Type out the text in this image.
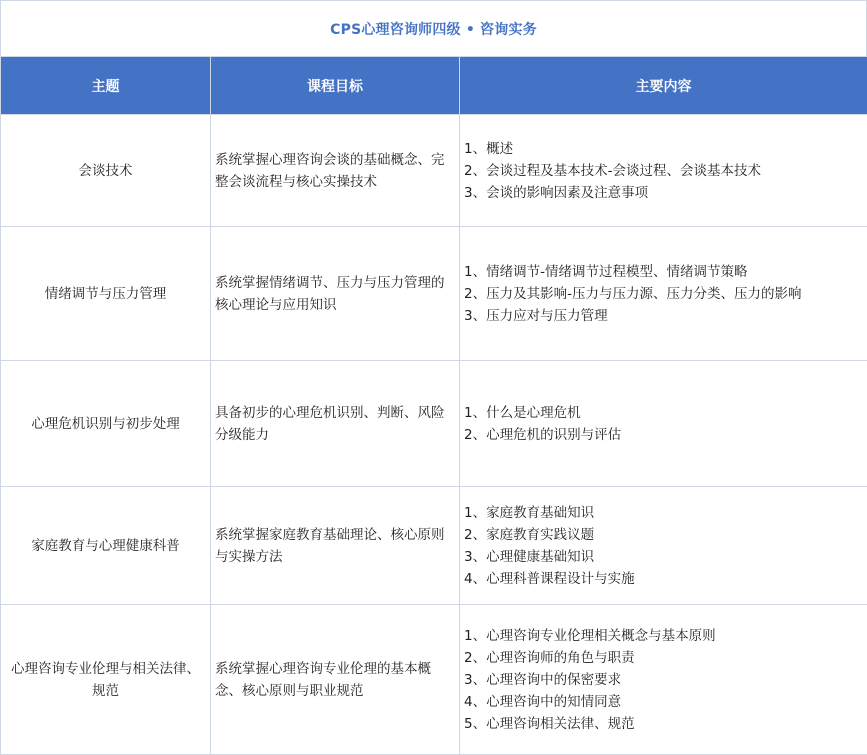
CPS心理咨询师四级 • 咨询实务
主题	课程目标	主要内容
会谈技术	系统掌握心理咨询会谈的基础概念、完整会谈流程与核心实操技术	1、概述
2、会谈过程及基本技术-会谈过程、会谈基本技术
3、会谈的影响因素及注意事项

情绪调节与压力管理	系统掌握情绪调节、压力与压力管理的核心理论与应用知识	1、情绪调节-情绪调节过程模型、情绪调节策略
2、压力及其影响-压力与压力源、压力分类、压力的影响
3、压力应对与压力管理

心理危机识别与初步处理	具备初步的心理危机识别、判断、风险分级能力	1、什么是心理危机
2、心理危机的识别与评估

家庭教育与心理健康科普	系统掌握家庭教育基础理论、核心原则与实操方法	1、家庭教育基础知识
2、家庭教育实践议题
3、心理健康基础知识
4、心理科普课程设计与实施

心理咨询专业伦理与相关法律、规范	系统掌握心理咨询专业伦理的基本概念、核心原则与职业规范	1、心理咨询专业伦理相关概念与基本原则
2、心理咨询师的角色与职责
3、心理咨询中的保密要求
4、心理咨询中的知情同意
5、心理咨询相关法律、规范
